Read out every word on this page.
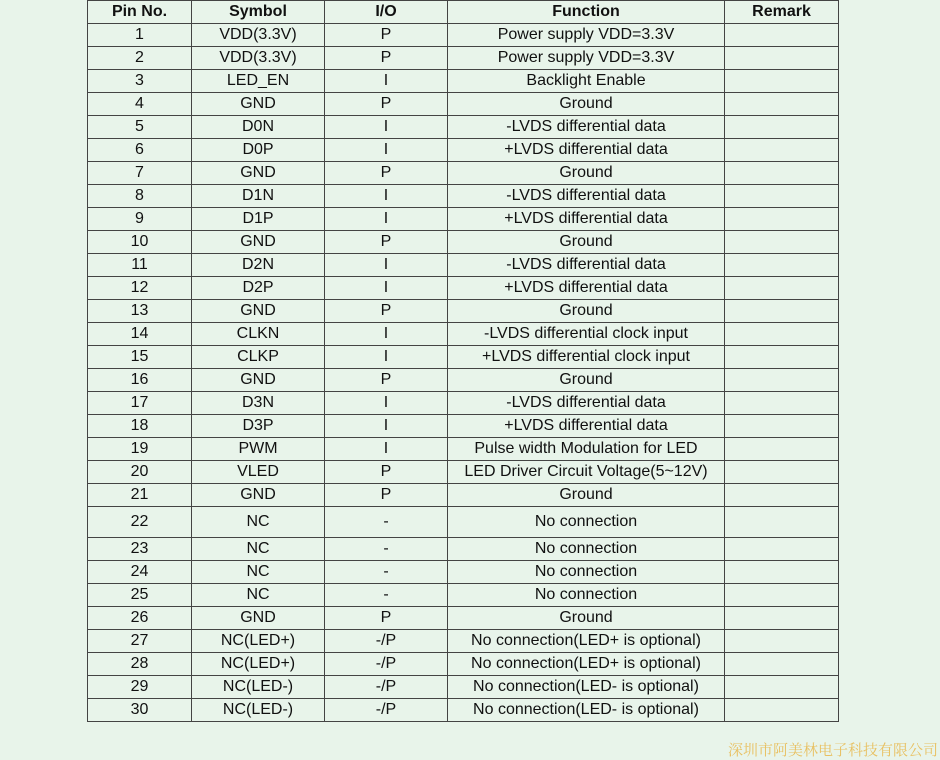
Pin No.	Symbol	I/O	Function	Remark
1	VDD(3.3V)	P	Power supply VDD=3.3V	
2	VDD(3.3V)	P	Power supply VDD=3.3V	
3	LED_EN	I	Backlight Enable	
4	GND	P	Ground	
5	D0N	I	-LVDS differential data	
6	D0P	I	+LVDS differential data	
7	GND	P	Ground	
8	D1N	I	-LVDS differential data	
9	D1P	I	+LVDS differential data	
10	GND	P	Ground	
11	D2N	I	-LVDS differential data	
12	D2P	I	+LVDS differential data	
13	GND	P	Ground	
14	CLKN	I	-LVDS differential clock input	
15	CLKP	I	+LVDS differential clock input	
16	GND	P	Ground	
17	D3N	I	-LVDS differential data	
18	D3P	I	+LVDS differential data	
19	PWM	I	Pulse width Modulation for LED	
20	VLED	P	LED Driver Circuit Voltage(5~12V)	
21	GND	P	Ground	
22	NC	-	No connection	
23	NC	-	No connection	
24	NC	-	No connection	
25	NC	-	No connection	
26	GND	P	Ground	
27	NC(LED+)	-/P	No connection(LED+ is optional)	
28	NC(LED+)	-/P	No connection(LED+ is optional)	
29	NC(LED-)	-/P	No connection(LED- is optional)	
30	NC(LED-)	-/P	No connection(LED- is optional)	
深圳市阿美林电子科技有限公司
